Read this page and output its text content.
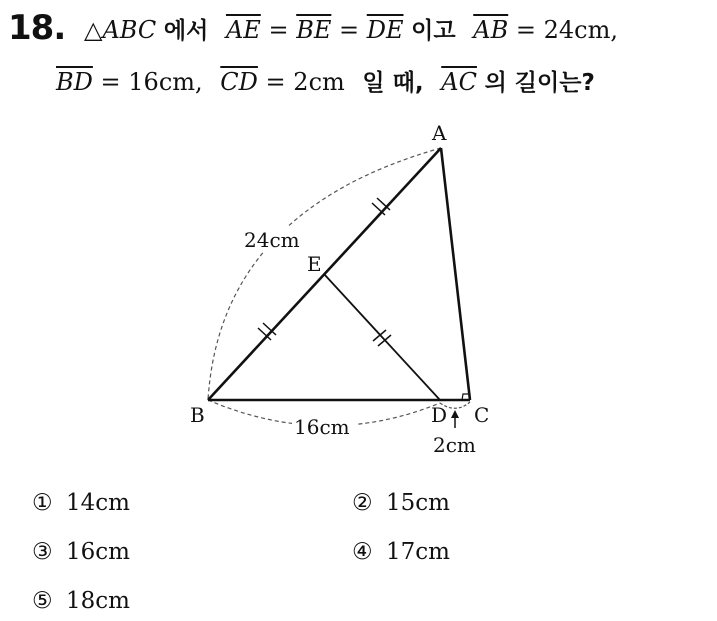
18. △ABC 에서 $\overline{AE} = \overline{BE} = \overline{DE}$ 이고 $\overline{AB} = 24cm$,
$\overline{BD} = 16cm$, $\overline{CD} = 2cm$ 일 때, $\overline{AC}$ 의 길이는?
A
B	C
D
E
24cm
16cm
2cm
① 14cm	② 15cm
③ 16cm	④ 17cm
⑤ 18cm
